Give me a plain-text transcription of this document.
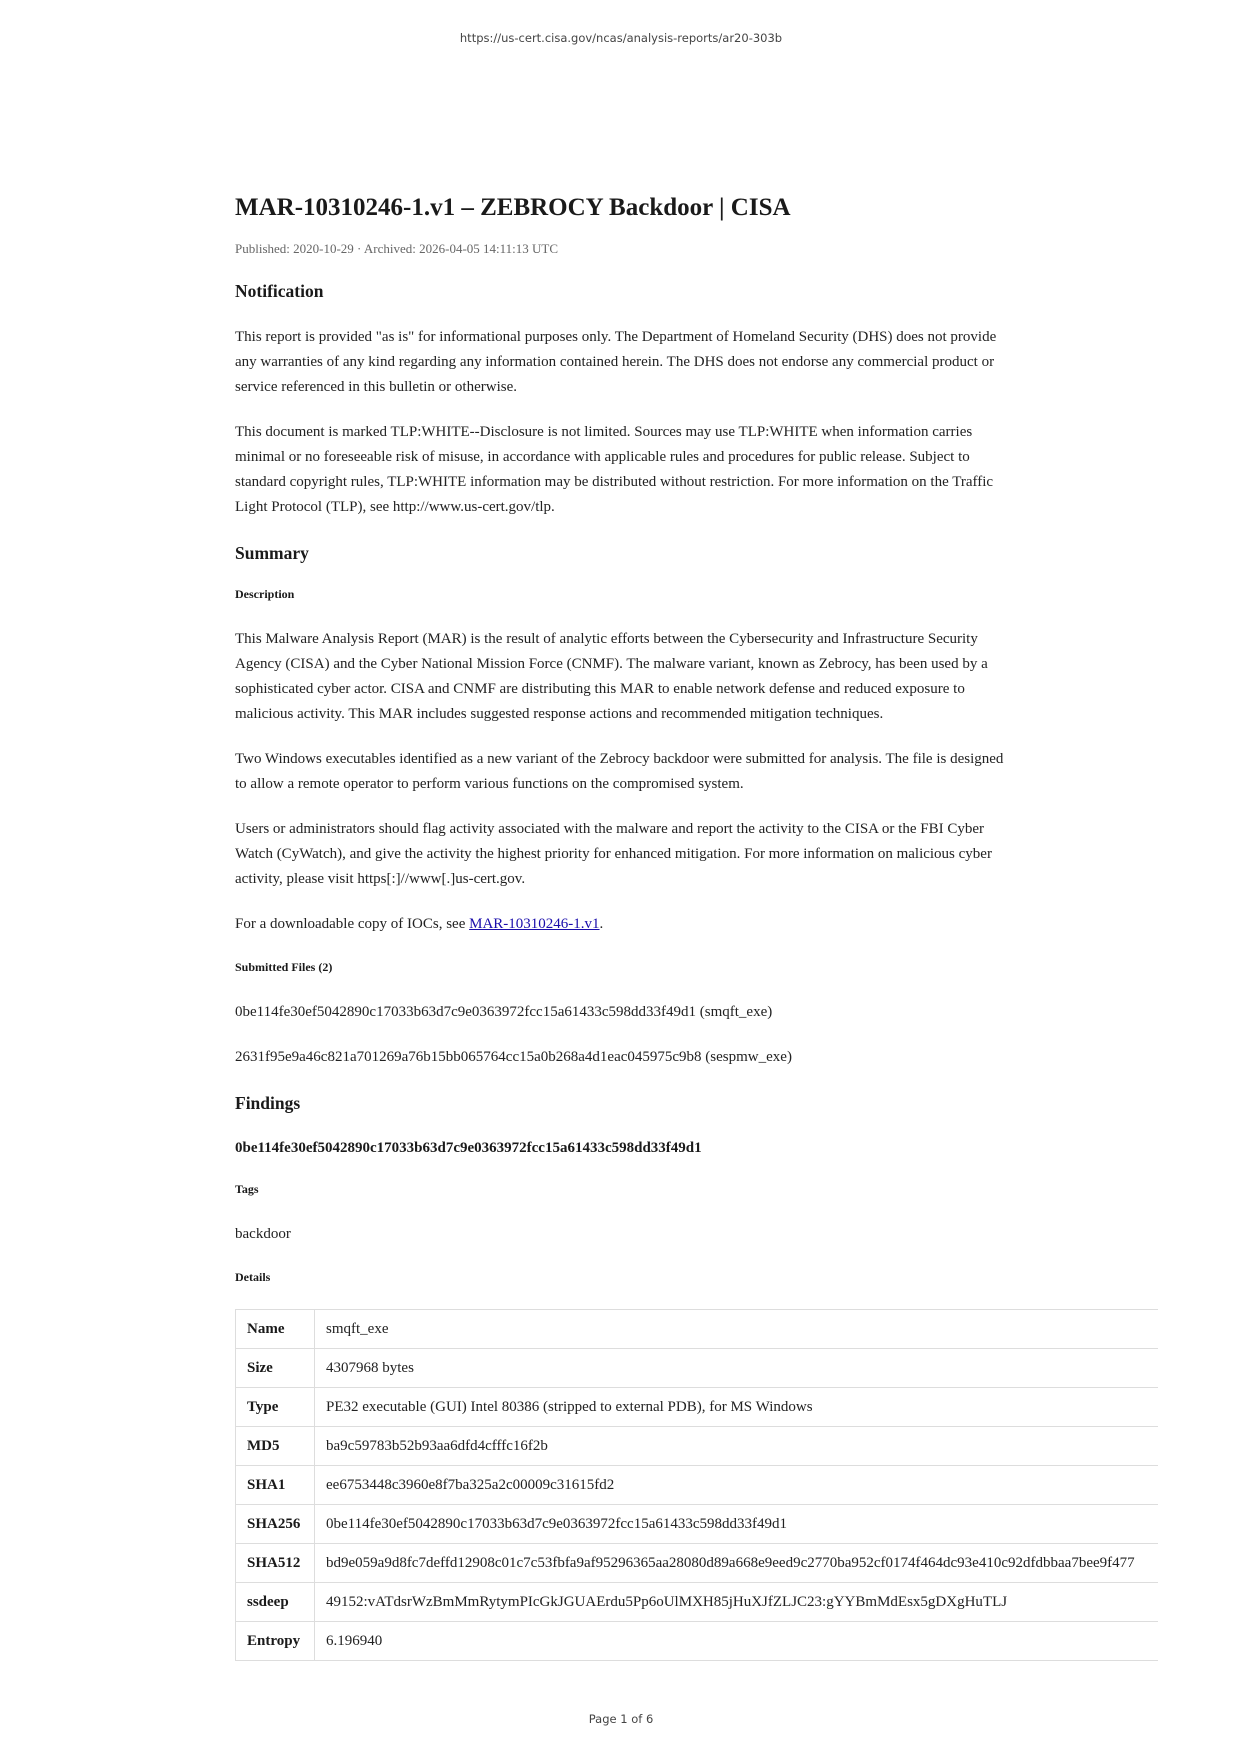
https://us-cert.cisa.gov/ncas/analysis-reports/ar20-303b
MAR-10310246-1.v1 – ZEBROCY Backdoor | CISA
Published: 2020-10-29 · Archived: 2026-04-05 14:11:13 UTC
Notification

This report is provided "as is" for informational purposes only. The Department of Homeland Security (DHS) does not provide any warranties of any kind regarding any information contained herein. The DHS does not endorse any commercial product or service referenced in this bulletin or otherwise.

This document is marked TLP:WHITE--Disclosure is not limited. Sources may use TLP:WHITE when information carries minimal or no foreseeable risk of misuse, in accordance with applicable rules and procedures for public release. Subject to standard copyright rules, TLP:WHITE information may be distributed without restriction. For more information on the Traffic Light Protocol (TLP), see http://www.us-cert.gov/tlp.

Summary
Description

This Malware Analysis Report (MAR) is the result of analytic efforts between the Cybersecurity and Infrastructure Security Agency (CISA) and the Cyber National Mission Force (CNMF). The malware variant, known as Zebrocy, has been used by a sophisticated cyber actor. CISA and CNMF are distributing this MAR to enable network defense and reduced exposure to malicious activity. This MAR includes suggested response actions and recommended mitigation techniques.

Two Windows executables identified as a new variant of the Zebrocy backdoor were submitted for analysis. The file is designed to allow a remote operator to perform various functions on the compromised system.

Users or administrators should flag activity associated with the malware and report the activity to the CISA or the FBI Cyber Watch (CyWatch), and give the activity the highest priority for enhanced mitigation. For more information on malicious cyber activity, please visit https[:]//www[.]us-cert.gov.

For a downloadable copy of IOCs, see MAR-10310246-1.v1.

Submitted Files (2)

0be114fe30ef5042890c17033b63d7c9e0363972fcc15a61433c598dd33f49d1 (smqft_exe)

2631f95e9a46c821a701269a76b15bb065764cc15a0b268a4d1eac045975c9b8 (sespmw_exe)

Findings
0be114fe30ef5042890c17033b63d7c9e0363972fcc15a61433c598dd33f49d1
Tags

backdoor

Details
Name	smqft_exe
Size	4307968 bytes
Type	PE32 executable (GUI) Intel 80386 (stripped to external PDB), for MS Windows
MD5	ba9c59783b52b93aa6dfd4cfffc16f2b
SHA1	ee6753448c3960e8f7ba325a2c00009c31615fd2
SHA256	0be114fe30ef5042890c17033b63d7c9e0363972fcc15a61433c598dd33f49d1
SHA512	bd9e059a9d8fc7deffd12908c01c7c53fbfa9af95296365aa28080d89a668e9eed9c2770ba952cf0174f464dc93e410c92dfdbbaa7bee9f477
ssdeep	49152:vATdsrWzBmMmRytymPIcGkJGUAErdu5Pp6oUlMXH85jHuXJfZLJC23:gYYBmMdEsx5gDXgHuTLJ
Entropy	6.196940
Page 1 of 6
